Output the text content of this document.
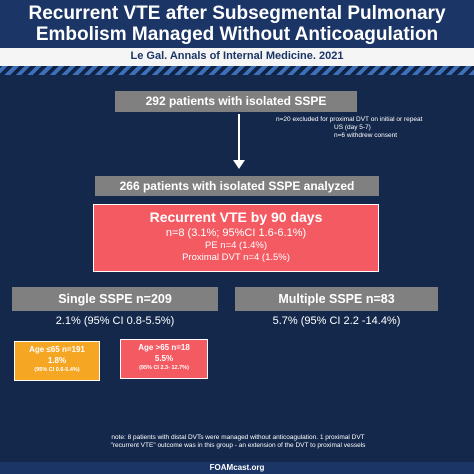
Recurrent VTE after Subsegmental Pulmonary
Embolism Managed Without Anticoagulation
Le Gal. Annals of Internal Medicine. 2021
292 patients with isolated SSPE
n=20 excluded for proximal DVT on initial or repeat
US (day 5-7)
n=6 withdrew consent
266 patients with isolated SSPE analyzed
Recurrent VTE by 90 days
n=8 (3.1%; 95%CI 1.6-6.1%)
PE n=4 (1.4%)
Proximal DVT n=4 (1.5%)
Single SSPE n=209
2.1% (95% CI 0.8-5.5%)
Multiple SSPE n=83
5.7% (95% CI 2.2 -14.4%)
Age ≤65 n=191
1.8%
(95% CI 0.6-5.4%)
Age >65 n=18
5.5%
(95% CI 2.3- 12.7%)
note: 8 patients with distal DVTs were managed without anticoagulation. 1 proximal DVT
"recurrent VTE" outcome was in this group - an extension of the DVT to proximal vessels
FOAMcast.org
